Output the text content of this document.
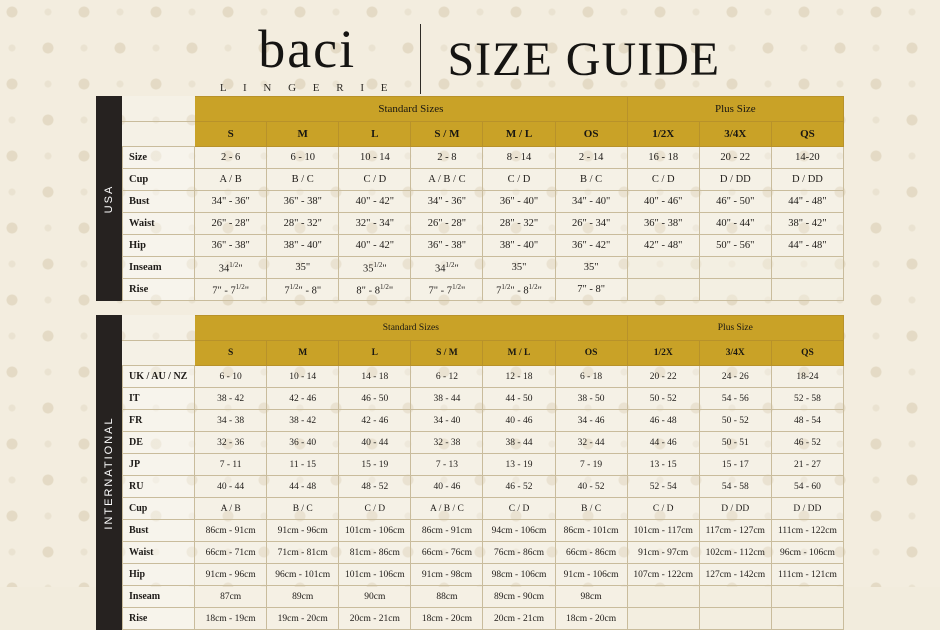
baci
L I N G E R I E
SIZE GUIDE
USA
	Standard Sizes						Plus Size		
	S	M	L	S / M	M / L	OS	1/2X	3/4X	QS
Size	2 - 6	6 - 10	10 - 14	2 - 8	8 - 14	2 - 14	16 - 18	20 - 22	14-20
Cup	A / B	B / C	C / D	A / B / C	C / D	B / C	C / D	D / DD	D / DD
Bust	34" - 36"	36" - 38"	40" - 42"	34" - 36"	36" - 40"	34" - 40"	40" - 46"	46" - 50"	44" - 48"
Waist	26" - 28"	28" - 32"	32" - 34"	26" - 28"	28" - 32"	26" - 34"	36" - 38"	40" - 44"	38" - 42"
Hip	36" - 38"	38" - 40"	40" - 42"	36" - 38"	38" - 40"	36" - 42"	42" - 48"	50" - 56"	44" - 48"
Inseam	$34^{1/2}$"	35"	$35^{1/2}$"	$34^{1/2}$"	35"	35"			
Rise	7" - $7^{1/2}$"	$7^{1/2}$" - 8"	8" - $8^{1/2}$"	7" - $7^{1/2}$"	$7^{1/2}$" - $8^{1/2}$"	7" - 8"			
INTERNATIONAL
	Standard Sizes						Plus Size		
	S	M	L	S / M	M / L	OS	1/2X	3/4X	QS
UK / AU / NZ	6 - 10	10 - 14	14 - 18	6 - 12	12 - 18	6 - 18	20 - 22	24 - 26	18-24
IT	38 - 42	42 - 46	46 - 50	38 - 44	44 - 50	38 - 50	50 - 52	54 - 56	52 - 58
FR	34 - 38	38 - 42	42 - 46	34 - 40	40 - 46	34 - 46	46 - 48	50 - 52	48 - 54
DE	32 - 36	36 - 40	40 - 44	32 - 38	38 - 44	32 - 44	44 - 46	50 - 51	46 - 52
JP	7 - 11	11 - 15	15 - 19	7 - 13	13 - 19	7 - 19	13 - 15	15 - 17	21 - 27
RU	40 - 44	44 - 48	48 - 52	40 - 46	46 - 52	40 - 52	52 - 54	54 - 58	54 - 60
Cup	A / B	B / C	C / D	A / B / C	C / D	B / C	C / D	D / DD	D / DD
Bust	86cm - 91cm	91cm - 96cm	101cm - 106cm	86cm - 91cm	94cm - 106cm	86cm - 101cm	101cm - 117cm	117cm - 127cm	111cm - 122cm
Waist	66cm - 71cm	71cm - 81cm	81cm - 86cm	66cm - 76cm	76cm - 86cm	66cm - 86cm	91cm - 97cm	102cm - 112cm	96cm - 106cm
Hip	91cm - 96cm	96cm - 101cm	101cm - 106cm	91cm - 98cm	98cm - 106cm	91cm - 106cm	107cm - 122cm	127cm - 142cm	111cm - 121cm
Inseam	87cm	89cm	90cm	88cm	89cm - 90cm	98cm			
Rise	18cm - 19cm	19cm - 20cm	20cm - 21cm	18cm - 20cm	20cm - 21cm	18cm - 20cm			
